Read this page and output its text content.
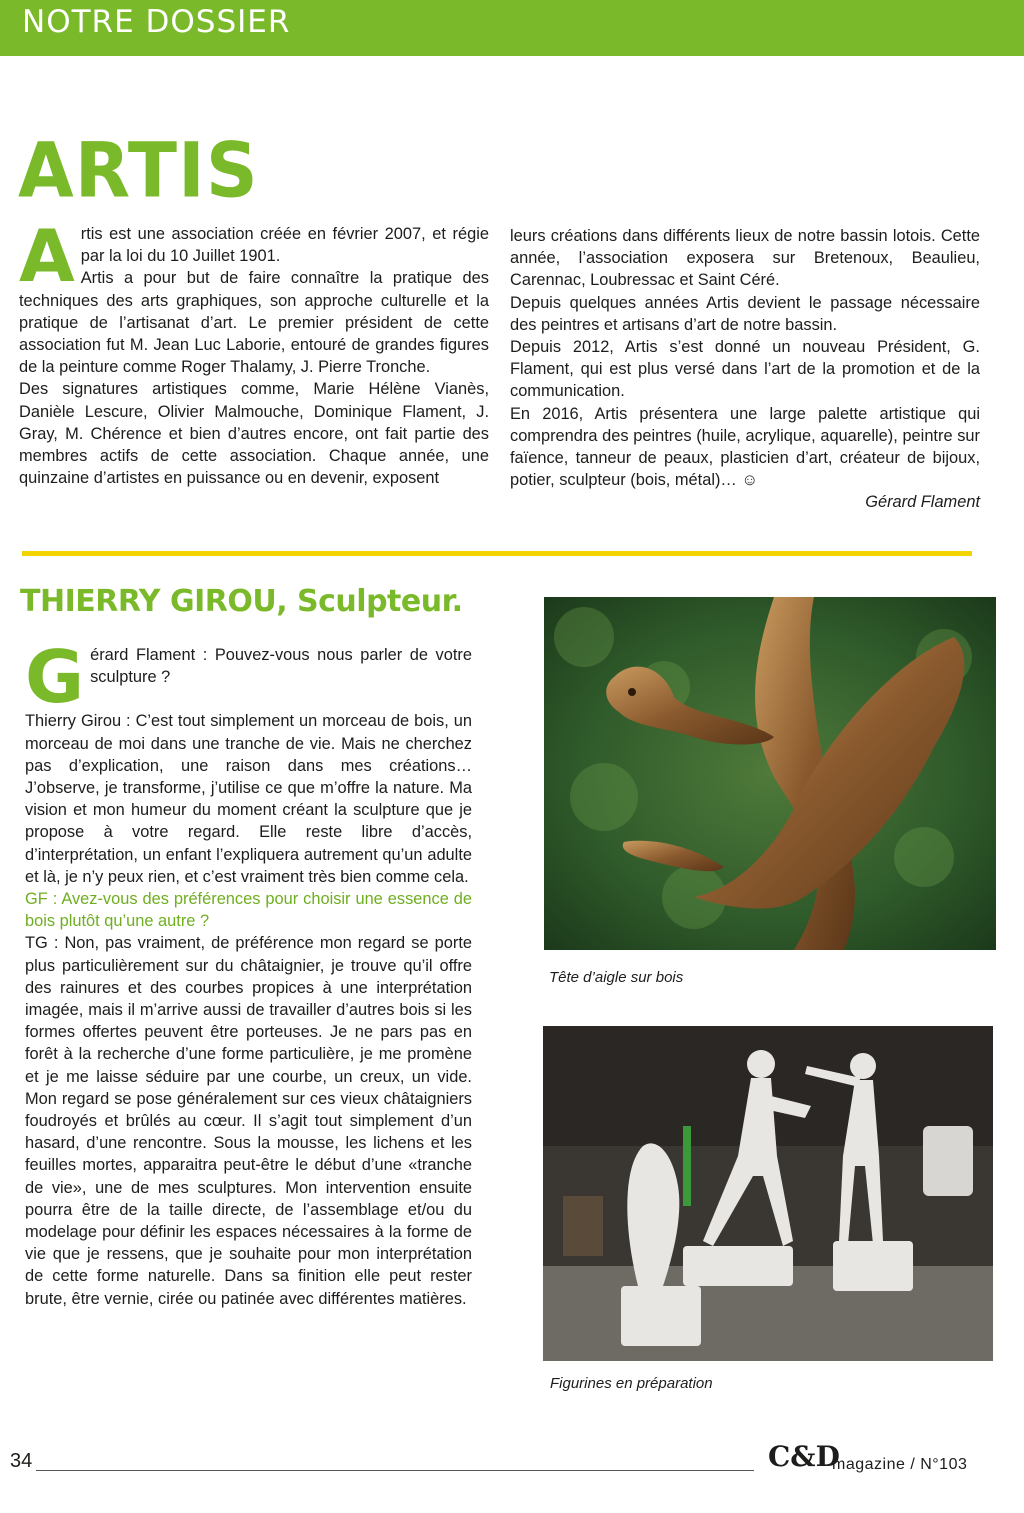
NOTRE DOSSIER
ARTIS
A rtis est une association créée en février 2007, et régie par la loi du 10 Juillet 1901.

Artis a pour but de faire connaître la pratique des techniques des arts graphiques, son approche culturelle et la pratique de l’artisanat d’art. Le premier président de cette association fut M. Jean Luc Laborie, entouré de grandes figures de la peinture comme Roger Thalamy, J. Pierre Tronche.

Des signatures artistiques comme, Marie Hélène Vianès, Danièle Lescure, Olivier Malmouche, Dominique Flament, J. Gray, M. Chérence et bien d’autres encore, ont fait partie des membres actifs de cette association. Chaque année, une quinzaine d’artistes en puissance ou en devenir, exposent

leurs créations dans différents lieux de notre bassin lotois. Cette année, l’association exposera sur Bretenoux, Beaulieu, Carennac, Loubressac et Saint Céré.

Depuis quelques années Artis devient le passage nécessaire des peintres et artisans d’art de notre bassin.

Depuis 2012, Artis s’est donné un nouveau Président, G. Flament, qui est plus versé dans l’art de la promotion et de la communication.

En 2016, Artis présentera une large palette artistique qui comprendra des peintres (huile, acrylique, aquarelle), peintre sur faïence, tanneur de peaux, plasticien d’art, créateur de bijoux, potier, sculpteur (bois, métal)… ☺

Gérard Flament

THIERRY GIROU, Sculpteur.
G érard Flament : Pouvez-vous nous parler de votre sculpture ?

Thierry Girou : C’est tout simplement un morceau de bois, un morceau de moi dans une tranche de vie. Mais ne cherchez pas d’explication, une raison dans mes créations… J’observe, je transforme, j’utilise ce que m’offre la nature. Ma vision et mon humeur du moment créant la sculpture que je propose à votre regard. Elle reste libre d’accès, d’interprétation, un enfant l’expliquera autrement qu’un adulte et là, je n’y peux rien, et c’est vraiment très bien comme cela.

GF : Avez-vous des préférences pour choisir une essence de bois plutôt qu’une autre ?

TG : Non, pas vraiment, de préférence mon regard se porte plus particulièrement sur du châtaignier, je trouve qu’il offre des rainures et des courbes propices à une interprétation imagée, mais il m’arrive aussi de travailler d’autres bois si les formes offertes peuvent être porteuses. Je ne pars pas en forêt à la recherche d’une forme particulière, je me promène et je me laisse séduire par une courbe, un creux, un vide. Mon regard se pose généralement sur ces vieux châtaigniers foudroyés et brûlés au cœur. Il s’agit tout simplement d’un hasard, d’une rencontre. Sous la mousse, les lichens et les feuilles mortes, apparaitra peut-être le début d’une «tranche de vie», une de mes sculptures. Mon intervention ensuite pourra être de la taille directe, de l’assemblage et/ou du modelage pour définir les espaces nécessaires à la forme de vie que je ressens, que je souhaite pour mon interprétation de cette forme naturelle. Dans sa finition elle peut rester brute, être vernie, cirée ou patinée avec différentes matières.

Tête d’aigle sur bois
Figurines en préparation
34	C&D
magazine / N°103
